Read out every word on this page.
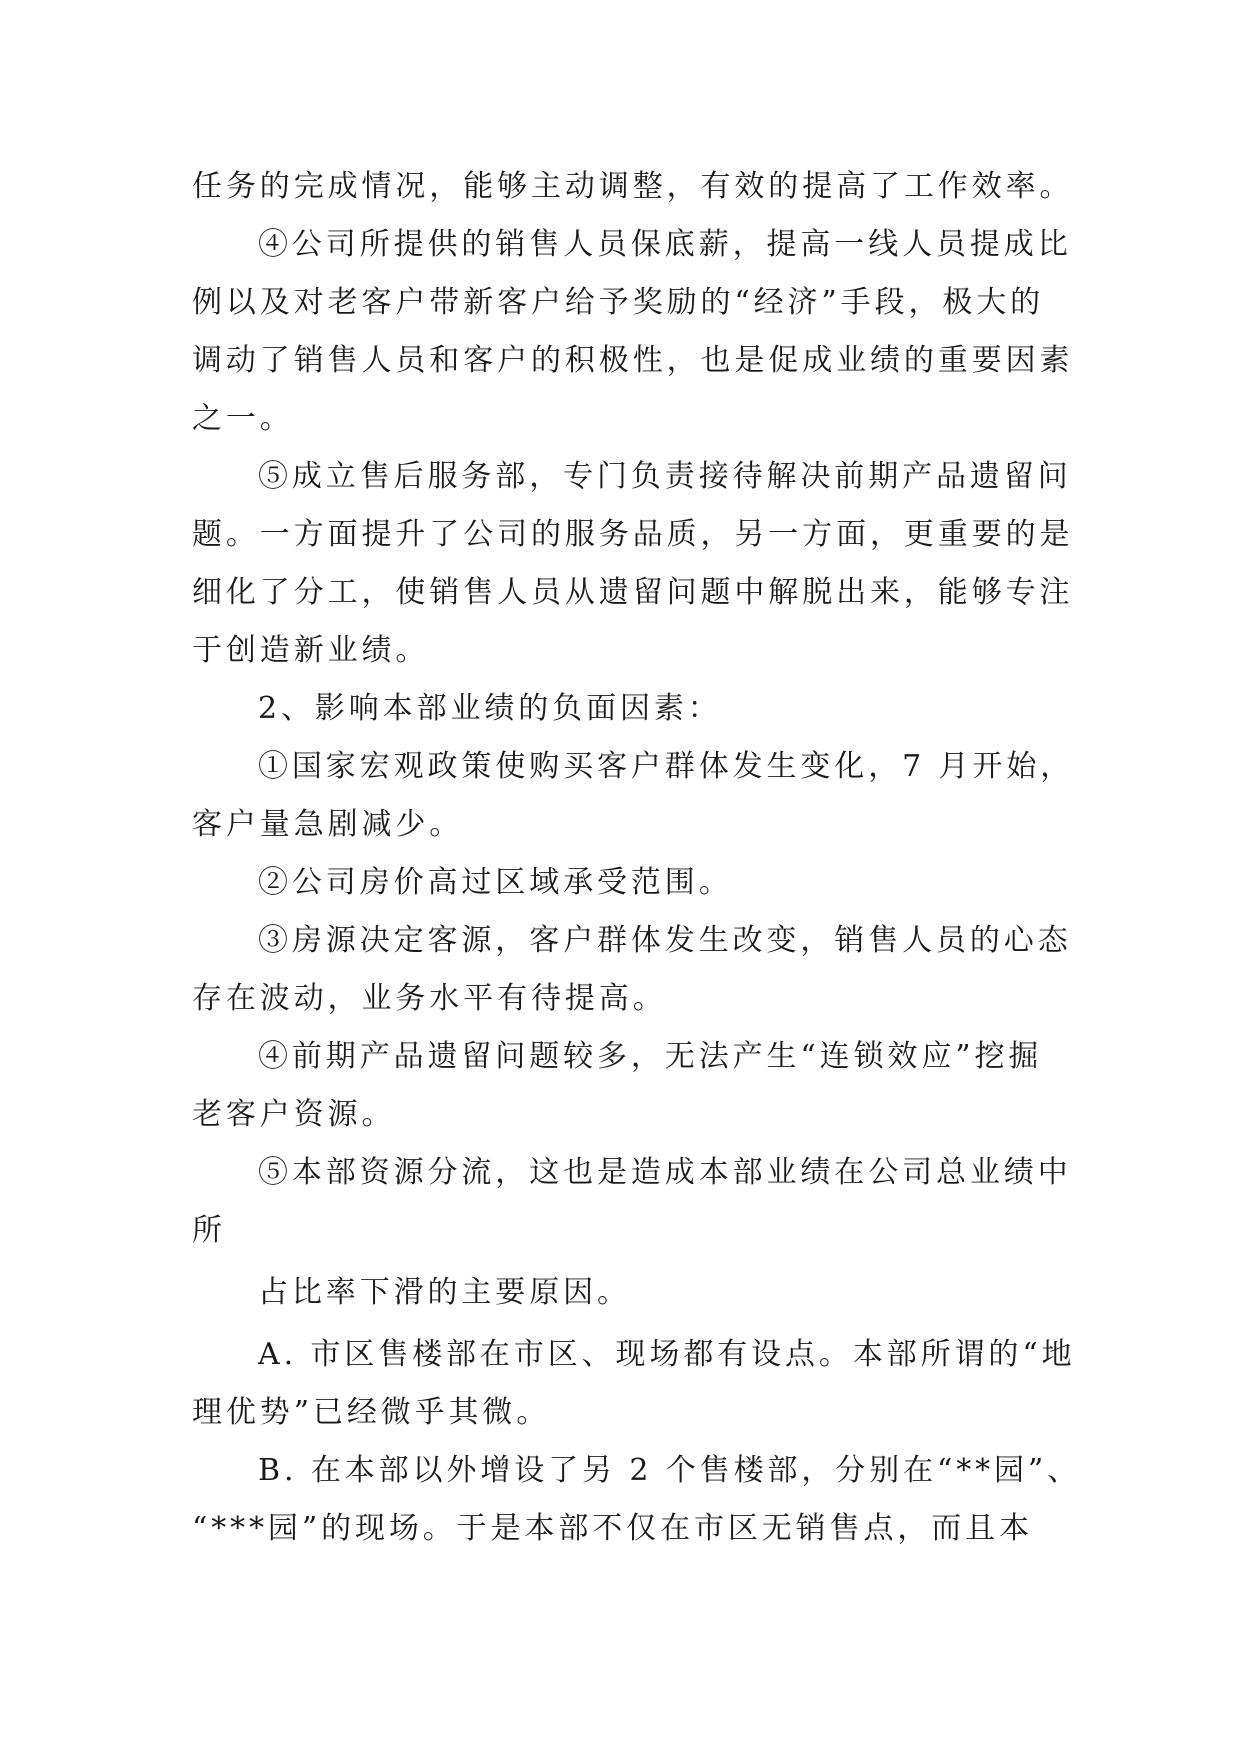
任务的完成情况，能够主动调整，有效的提高了工作效率。
④公司所提供的销售人员保底薪，提高一线人员提成比
例以及对老客户带新客户给予奖励的“经济”手段，极大的
调动了销售人员和客户的积极性，也是促成业绩的重要因素
之一。
⑤成立售后服务部，专门负责接待解决前期产品遗留问
题。一方面提升了公司的服务品质，另一方面，更重要的是
细化了分工，使销售人员从遗留问题中解脱出来，能够专注
于创造新业绩。
2、影响本部业绩的负面因素：
①国家宏观政策使购买客户群体发生变化，7 月开始，
客户量急剧减少。
②公司房价高过区域承受范围。
③房源决定客源，客户群体发生改变，销售人员的心态
存在波动，业务水平有待提高。
④前期产品遗留问题较多，无法产生“连锁效应”挖掘
老客户资源。
⑤本部资源分流，这也是造成本部业绩在公司总业绩中
所
占比率下滑的主要原因。
A. 市区售楼部在市区、现场都有设点。本部所谓的“地
理优势”已经微乎其微。
B. 在本部以外增设了另 2 个售楼部，分别在“**园”、
“***园”的现场。于是本部不仅在市区无销售点，而且本
